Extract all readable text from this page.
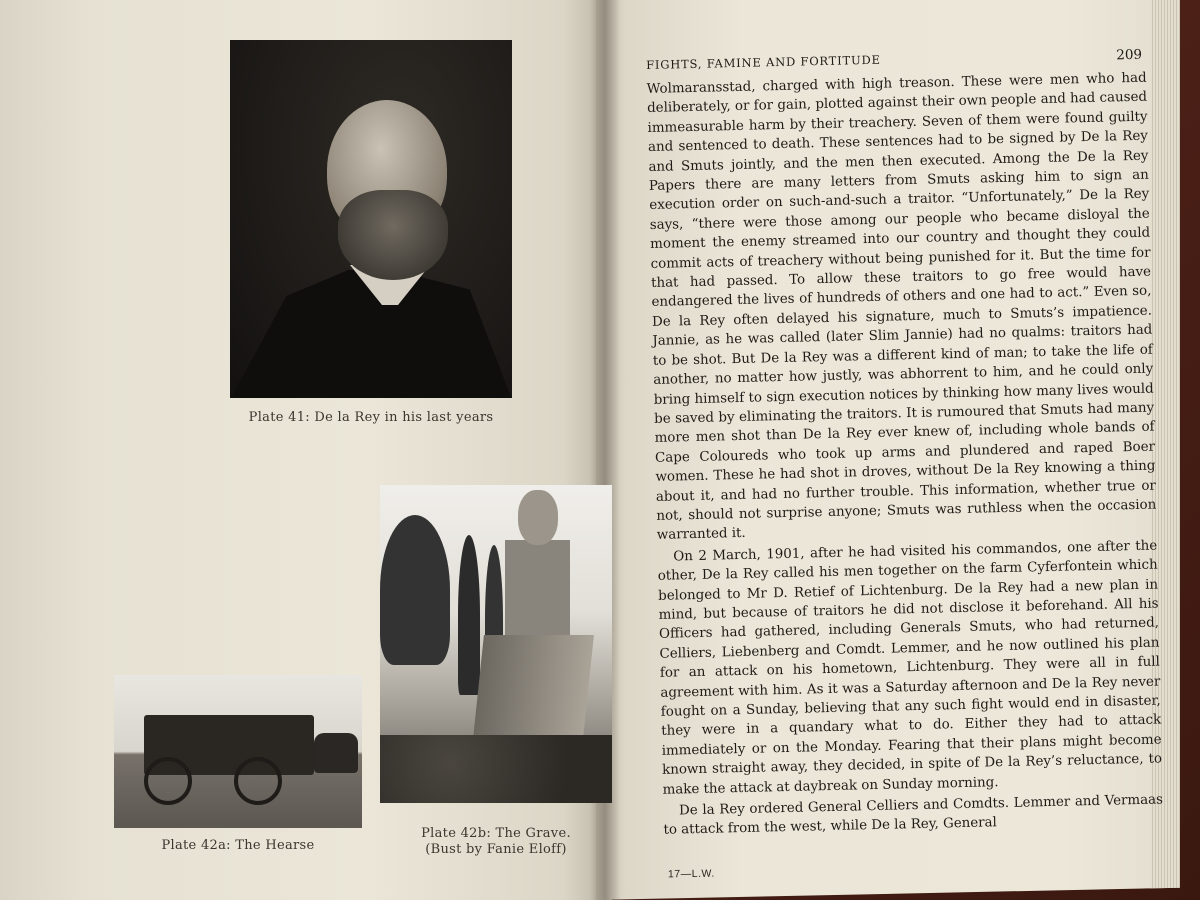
Plate 41: De la Rey in his last years
Plate 42a: The Hearse
Plate 42b: The Grave.
(Bust by Fanie Eloff)
FIGHTS, FAMINE AND FORTITUDE	209

Wolmaransstad, charged with high treason. These were men who had deliberately, or for gain, plotted against their own people and had caused immeasurable harm by their treachery. Seven of them were found guilty and sentenced to death. These sentences had to be signed by De la Rey and Smuts jointly, and the men then executed. Among the De la Rey Papers there are many letters from Smuts asking him to sign an execution order on such-and-such a traitor. “Unfortunately,” De la Rey says, “there were those among our people who became disloyal the moment the enemy streamed into our country and thought they could commit acts of treachery without being punished for it. But the time for that had passed. To allow these traitors to go free would have endangered the lives of hundreds of others and one had to act.” Even so, De la Rey often delayed his signature, much to Smuts’s impatience. Jannie, as he was called (later Slim Jannie) had no qualms: traitors had to be shot. But De la Rey was a different kind of man; to take the life of another, no matter how justly, was abhorrent to him, and he could only bring himself to sign execution notices by thinking how many lives would be saved by eliminating the traitors. It is rumoured that Smuts had many more men shot than De la Rey ever knew of, including whole bands of Cape Coloureds who took up arms and plundered and raped Boer women. These he had shot in droves, without De la Rey knowing a thing about it, and had no further trouble. This information, whether true or not, should not surprise anyone; Smuts was ruthless when the occasion warranted it.

On 2 March, 1901, after he had visited his commandos, one after the other, De la Rey called his men together on the farm Cyferfontein which belonged to Mr D. Retief of Lichtenburg. De la Rey had a new plan in mind, but because of traitors he did not disclose it beforehand. All his Officers had gathered, including Generals Smuts, who had returned, Celliers, Liebenberg and Comdt. Lemmer, and he now outlined his plan for an attack on his hometown, Lichtenburg. They were all in full agreement with him. As it was a Saturday afternoon and De la Rey never fought on a Sunday, believing that any such fight would end in disaster, they were in a quandary what to do. Either they had to attack immediately or on the Monday. Fearing that their plans might become known straight away, they decided, in spite of De la Rey’s reluctance, to make the attack at daybreak on Sunday morning.

De la Rey ordered General Celliers and Comdts. Lemmer and Vermaas to attack from the west, while De la Rey, General

17—L.W.
